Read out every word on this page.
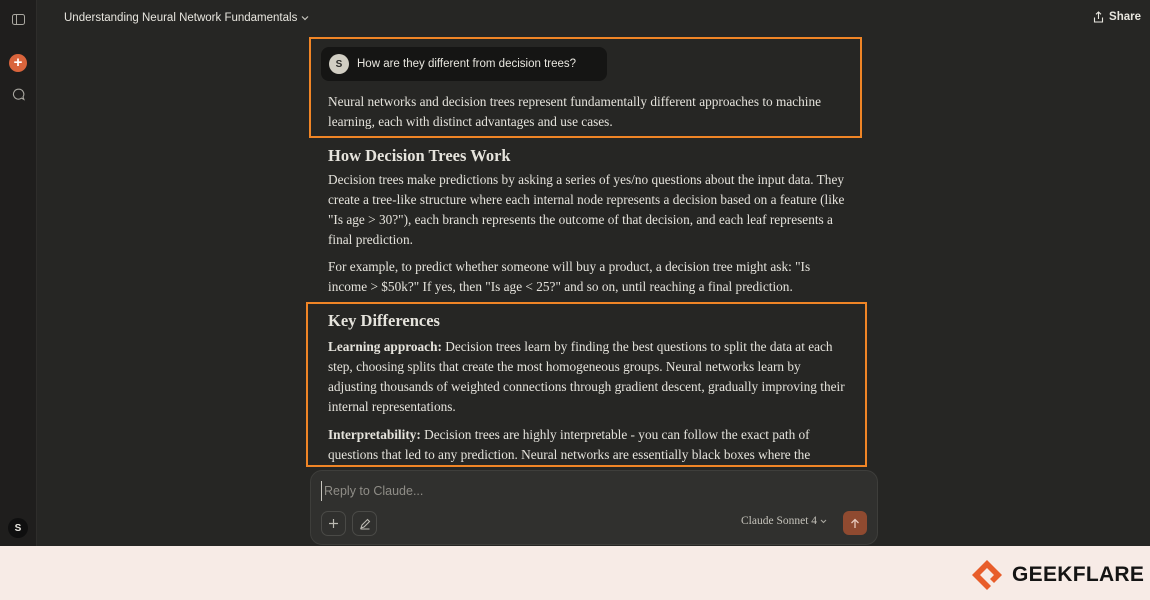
+
S
Understanding Neural Network Fundamentals	Share
S	How are they different from decision trees?

Neural networks and decision trees represent fundamentally different approaches to machine learning, each with distinct advantages and use cases.

How Decision Trees Work

Decision trees make predictions by asking a series of yes/no questions about the input data. They create a tree-like structure where each internal node represents a decision based on a feature (like "Is age > 30?"), each branch represents the outcome of that decision, and each leaf represents a final prediction.

For example, to predict whether someone will buy a product, a decision tree might ask: "Is income > $50k?" If yes, then "Is age < 25?" and so on, until reaching a final prediction.

Key Differences

Learning approach: Decision trees learn by finding the best questions to split the data at each step, choosing splits that create the most homogeneous groups. Neural networks learn by adjusting thousands of weighted connections through gradient descent, gradually improving their internal representations.

Interpretability: Decision trees are highly interpretable - you can follow the exact path of questions that led to any prediction. Neural networks are essentially black boxes where the

Reply to Claude...
Claude Sonnet 4
GEEKFLARE
